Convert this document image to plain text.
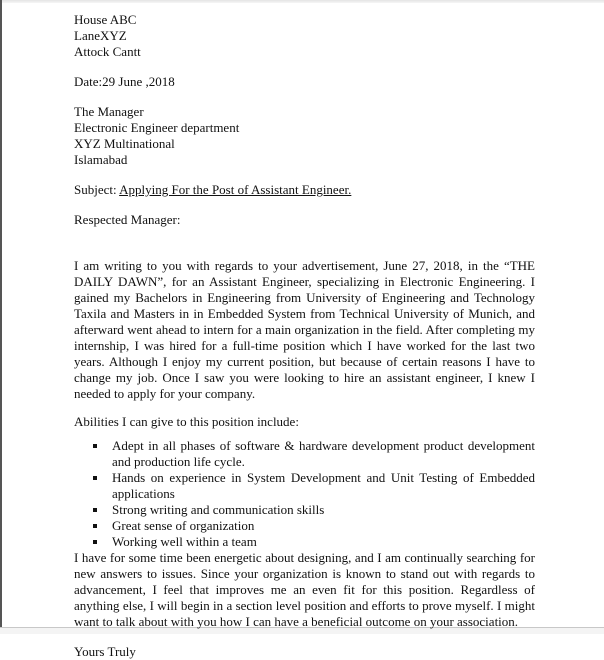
House ABC
LaneXYZ
Attock Cantt
Date:29 June ,2018
The Manager
Electronic Engineer department
XYZ Multinational
Islamabad
Subject: Applying For the Post of Assistant Engineer.
Respected Manager:

I am writing to you with regards to your advertisement, June 27, 2018, in the “THE DAILY DAWN”, for an Assistant Engineer, specializing in Electronic Engineering. I gained my Bachelors in Engineering from University of Engineering and Technology Taxila and Masters in in Embedded System from Technical University of Munich, and afterward went ahead to intern for a main organization in the field. After completing my internship, I was hired for a full-time position which I have worked for the last two years. Although I enjoy my current position, but because of certain reasons I have to change my job. Once I saw you were looking to hire an assistant engineer, I knew I needed to apply for your company.

Abilities I can give to this position include:

Adept in all phases of software & hardware development product development and production life cycle.
Hands on experience in System Development and Unit Testing of Embedded applications
Strong writing and communication skills
Great sense of organization
Working well within a team

I have for some time been energetic about designing, and I am continually searching for new answers to issues. Since your organization is known to stand out with regards to advancement, I feel that improves me an even fit for this position. Regardless of anything else, I will begin in a section level position and efforts to prove myself. I might want to talk about with you how I can have a beneficial outcome on your association.

Yours Truly
